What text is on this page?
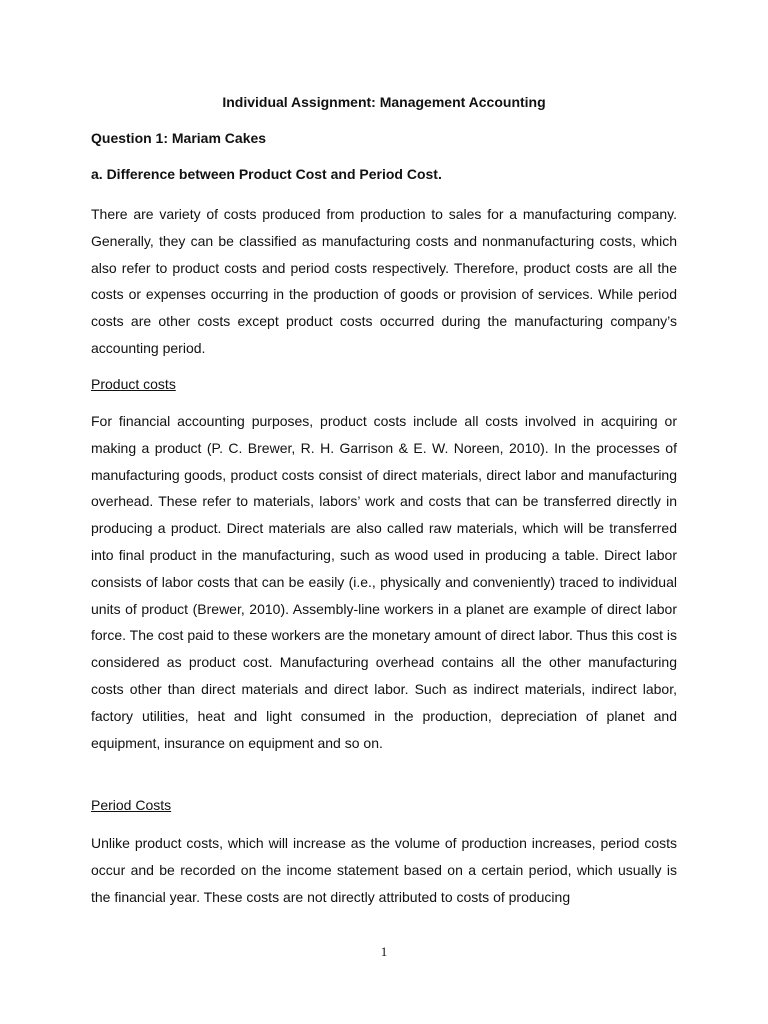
Individual Assignment: Management Accounting
Question 1: Mariam Cakes
a. Difference between Product Cost and Period Cost.

There are variety of costs produced from production to sales for a manufacturing company. Generally, they can be classified as manufacturing costs and nonmanufacturing costs, which also refer to product costs and period costs respectively. Therefore, product costs are all the costs or expenses occurring in the production of goods or provision of services. While period costs are other costs except product costs occurred during the manufacturing company’s accounting period.

Product costs

For financial accounting purposes, product costs include all costs involved in acquiring or making a product (P. C. Brewer, R. H. Garrison & E. W. Noreen, 2010). In the processes of manufacturing goods, product costs consist of direct materials, direct labor and manufacturing overhead. These refer to materials, labors’ work and costs that can be transferred directly in producing a product. Direct materials are also called raw materials, which will be transferred into final product in the manufacturing, such as wood used in producing a table. Direct labor consists of labor costs that can be easily (i.e., physically and conveniently) traced to individual units of product (Brewer, 2010). Assembly-line workers in a planet are example of direct labor force. The cost paid to these workers are the monetary amount of direct labor. Thus this cost is considered as product cost. Manufacturing overhead contains all the other manufacturing costs other than direct materials and direct labor. Such as indirect materials, indirect labor, factory utilities, heat and light consumed in the production, depreciation of planet and equipment, insurance on equipment and so on.

Period Costs

Unlike product costs, which will increase as the volume of production increases, period costs occur and be recorded on the income statement based on a certain period, which usually is the financial year. These costs are not directly attributed to costs of producing

1
